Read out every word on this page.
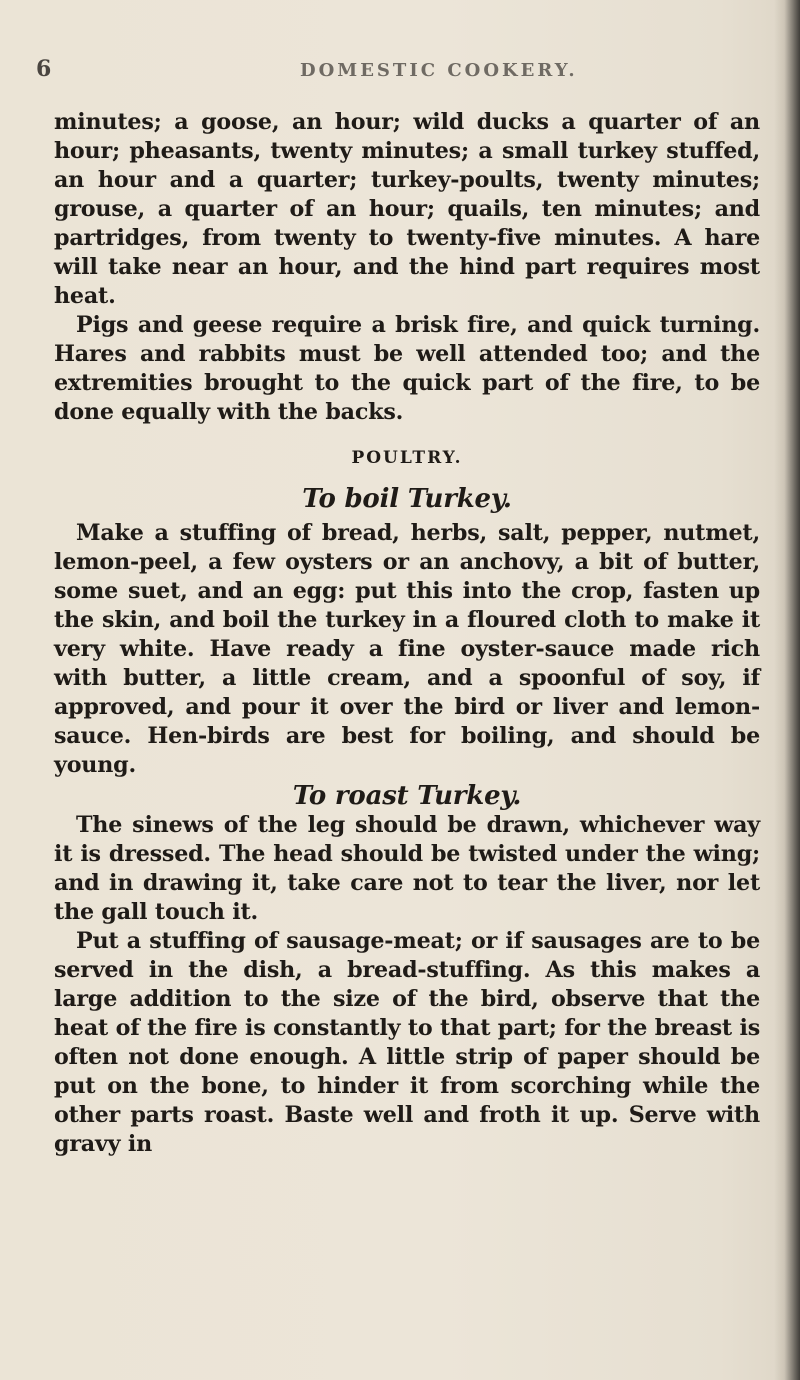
6	DOMESTIC COOKERY.

minutes; a goose, an hour; wild ducks a quarter of an hour; pheasants, twenty minutes; a small turkey stuffed, an hour and a quarter; turkey-poults, twenty minutes; grouse, a quarter of an hour; quails, ten minutes; and partridges, from twenty to twenty-five minutes. A hare will take near an hour, and the hind part requires most heat.

Pigs and geese require a brisk fire, and quick turning. Hares and rabbits must be well attended too; and the extremities brought to the quick part of the fire, to be done equally with the backs.

POULTRY.
To boil Turkey.

Make a stuffing of bread, herbs, salt, pepper, nutmet, lemon-peel, a few oysters or an anchovy, a bit of butter, some suet, and an egg: put this into the crop, fasten up the skin, and boil the turkey in a floured cloth to make it very white. Have ready a fine oyster-sauce made rich with butter, a little cream, and a spoonful of soy, if approved, and pour it over the bird or liver and lemon-sauce. Hen-birds are best for boiling, and should be young.

To roast Turkey.

The sinews of the leg should be drawn, whichever way it is dressed. The head should be twisted under the wing; and in drawing it, take care not to tear the liver, nor let the gall touch it.

Put a stuffing of sausage-meat; or if sausages are to be served in the dish, a bread-stuffing. As this makes a large addition to the size of the bird, observe that the heat of the fire is constantly to that part; for the breast is often not done enough. A little strip of paper should be put on the bone, to hinder it from scorching while the other parts roast. Baste well and froth it up. Serve with gravy in
